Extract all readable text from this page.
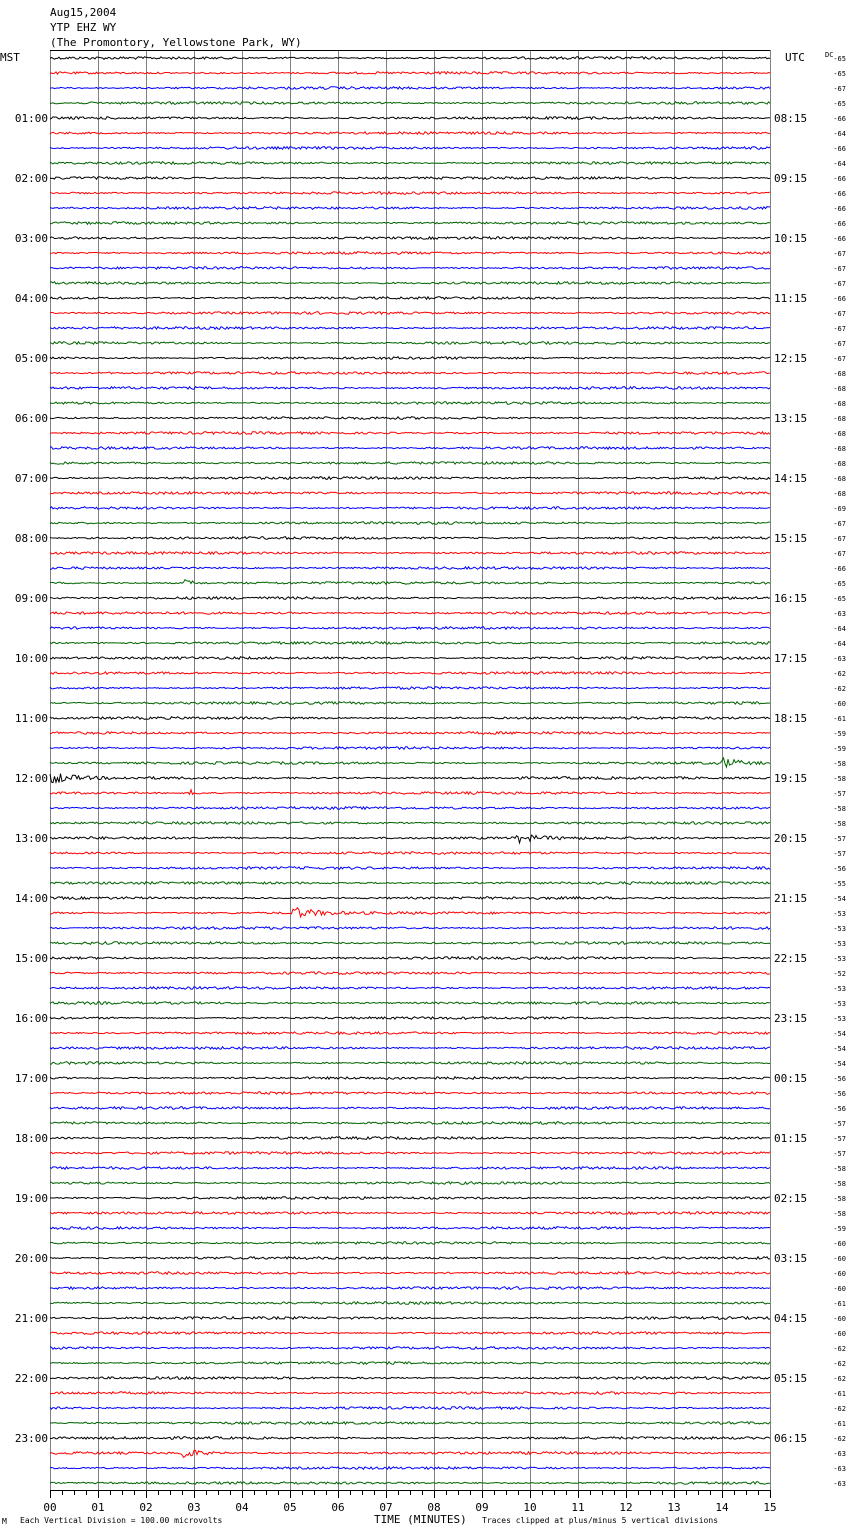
Aug15,2004
YTP EHZ WY
(The Promontory, Yellowstone Park, WY)
MST	UTC	DC
01:00
02:00
03:00
04:00
05:00
06:00
07:00
08:00
09:00
10:00
11:00
12:00
13:00
14:00
15:00
16:00
17:00
18:00
19:00
20:00
21:00
22:00
23:00
08:15
09:15
10:15
11:15
12:15
13:15
14:15
15:15
16:15
17:15
18:15
19:15
20:15
21:15
22:15
23:15
00:15
01:15
02:15
03:15
04:15
05:15
06:15
-65
-65
-67
-65
-66
-64
-66
-64
-66
-66
-66
-66
-66
-67
-67
-67
-66
-67
-67
-67
-67
-68
-68
-68
-68
-68
-68
-68
-68
-68
-69
-67
-67
-67
-66
-65
-65
-63
-64
-64
-63
-62
-62
-60
-61
-59
-59
-58
-58
-57
-58
-58
-57
-57
-56
-55
-54
-53
-53
-53
-53
-52
-53
-53
-53
-54
-54
-54
-56
-56
-56
-57
-57
-57
-58
-58
-58
-58
-59
-60
-60
-60
-60
-61
-60
-60
-62
-62
-62
-61
-62
-61
-62
-63
-63
-63
00	01	02	03	04	05	06	07	08	09	10	11	12	13	14	15
M Each Vertical Division = 100.00 microvolts	TIME (MINUTES) Traces clipped at plus/minus 5 vertical divisions
